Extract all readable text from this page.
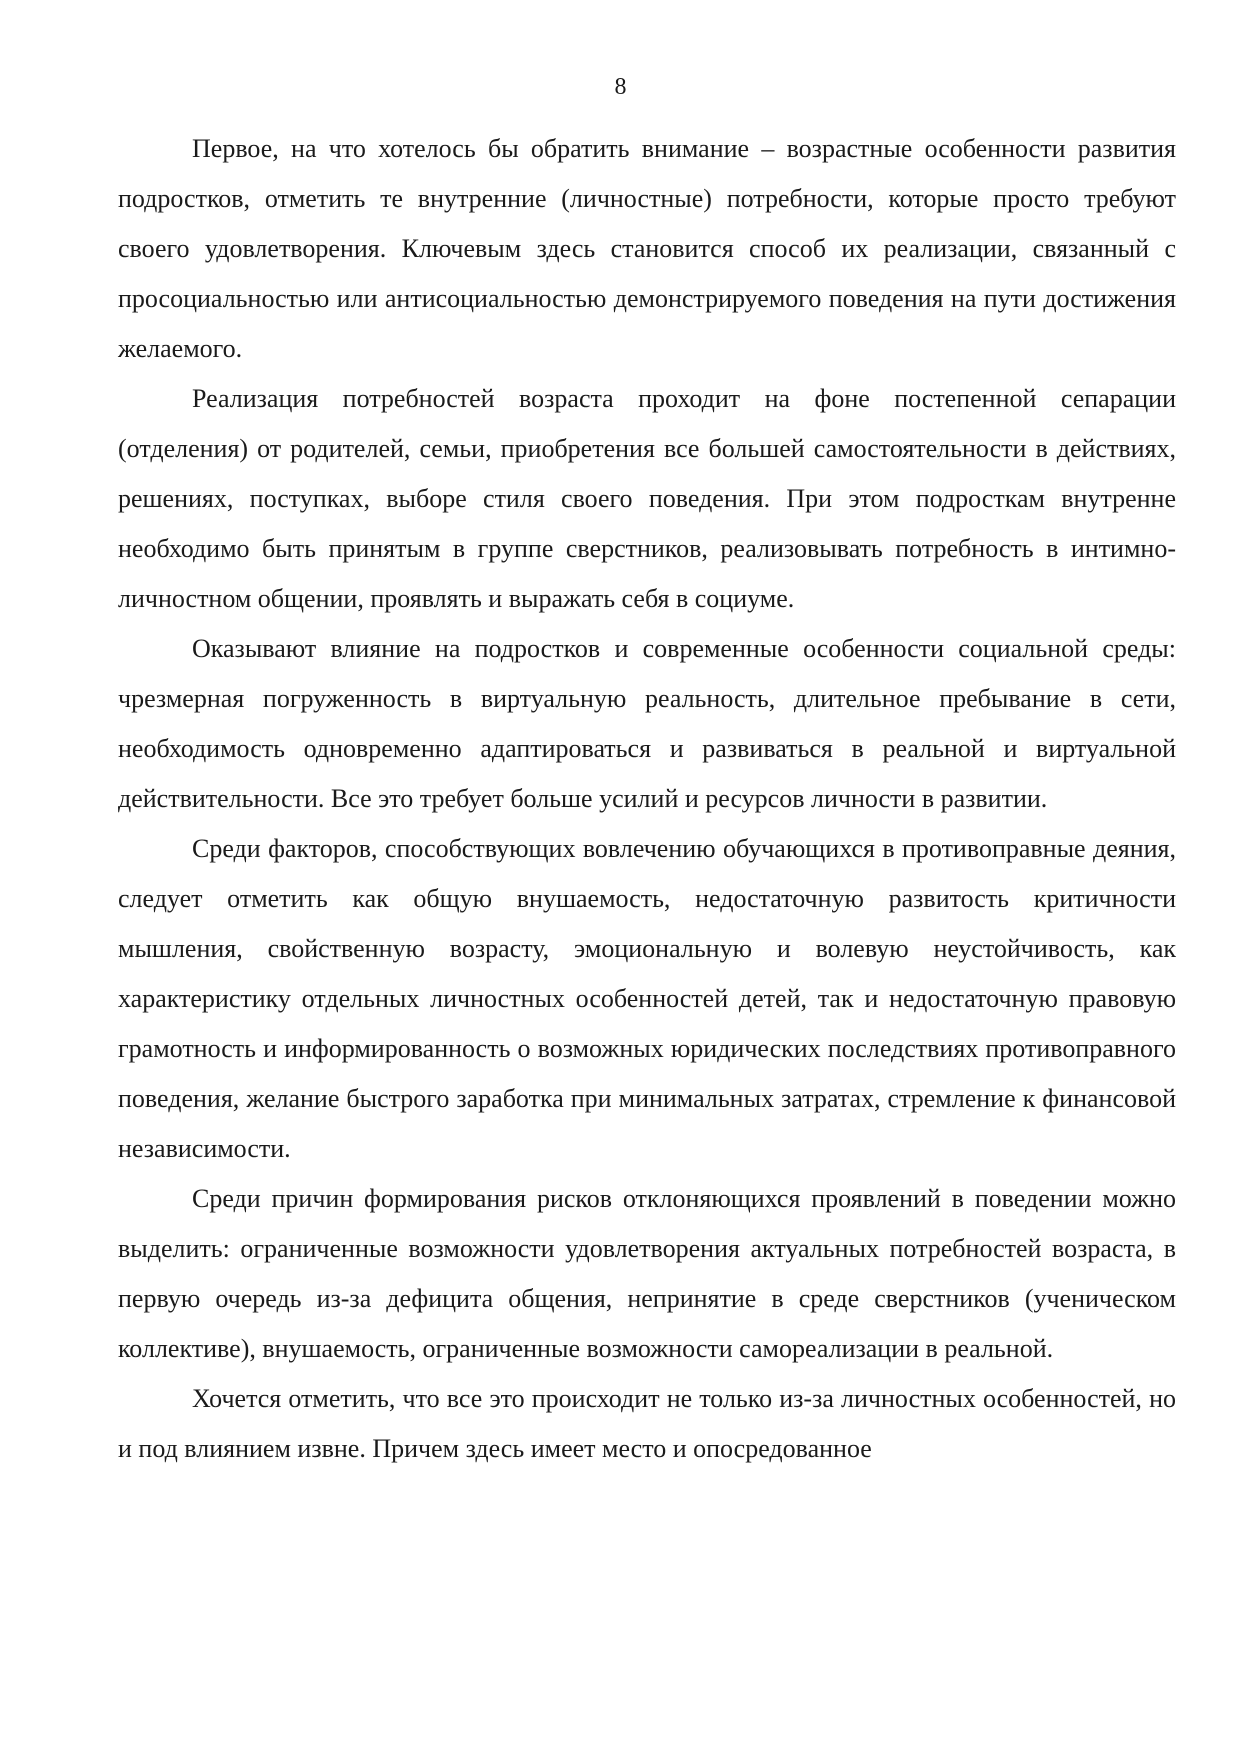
8

Первое, на что хотелось бы обратить внимание – возрастные особенности развития подростков, отметить те внутренние (личностные) потребности, которые просто требуют своего удовлетворения. Ключевым здесь становится способ их реализации, связанный с просоциальностью или антисоциальностью демонстрируемого поведения на пути достижения желаемого.

Реализация потребностей возраста проходит на фоне постепенной сепарации (отделения) от родителей, семьи, приобретения все большей самостоятельности в действиях, решениях, поступках, выборе стиля своего поведения. При этом подросткам внутренне необходимо быть принятым в группе сверстников, реализовывать потребность в интимно-личностном общении, проявлять и выражать себя в социуме.

Оказывают влияние на подростков и современные особенности социальной среды: чрезмерная погруженность в виртуальную реальность, длительное пребывание в сети, необходимость одновременно адаптироваться и развиваться в реальной и виртуальной действительности. Все это требует больше усилий и ресурсов личности в развитии.

Среди факторов, способствующих вовлечению обучающихся в противоправные деяния, следует отметить как общую внушаемость, недостаточную развитость критичности мышления, свойственную возрасту, эмоциональную и волевую неустойчивость, как характеристику отдельных личностных особенностей детей, так и недостаточную правовую грамотность и информированность о возможных юридических последствиях противоправного поведения, желание быстрого заработка при минимальных затратах, стремление к финансовой независимости.

Среди причин формирования рисков отклоняющихся проявлений в поведении можно выделить: ограниченные возможности удовлетворения актуальных потребностей возраста, в первую очередь из-за дефицита общения, непринятие в среде сверстников (ученическом коллективе), внушаемость, ограниченные возможности самореализации в реальной.

Хочется отметить, что все это происходит не только из-за личностных особенностей, но и под влиянием извне. Причем здесь имеет место и опосредованное
